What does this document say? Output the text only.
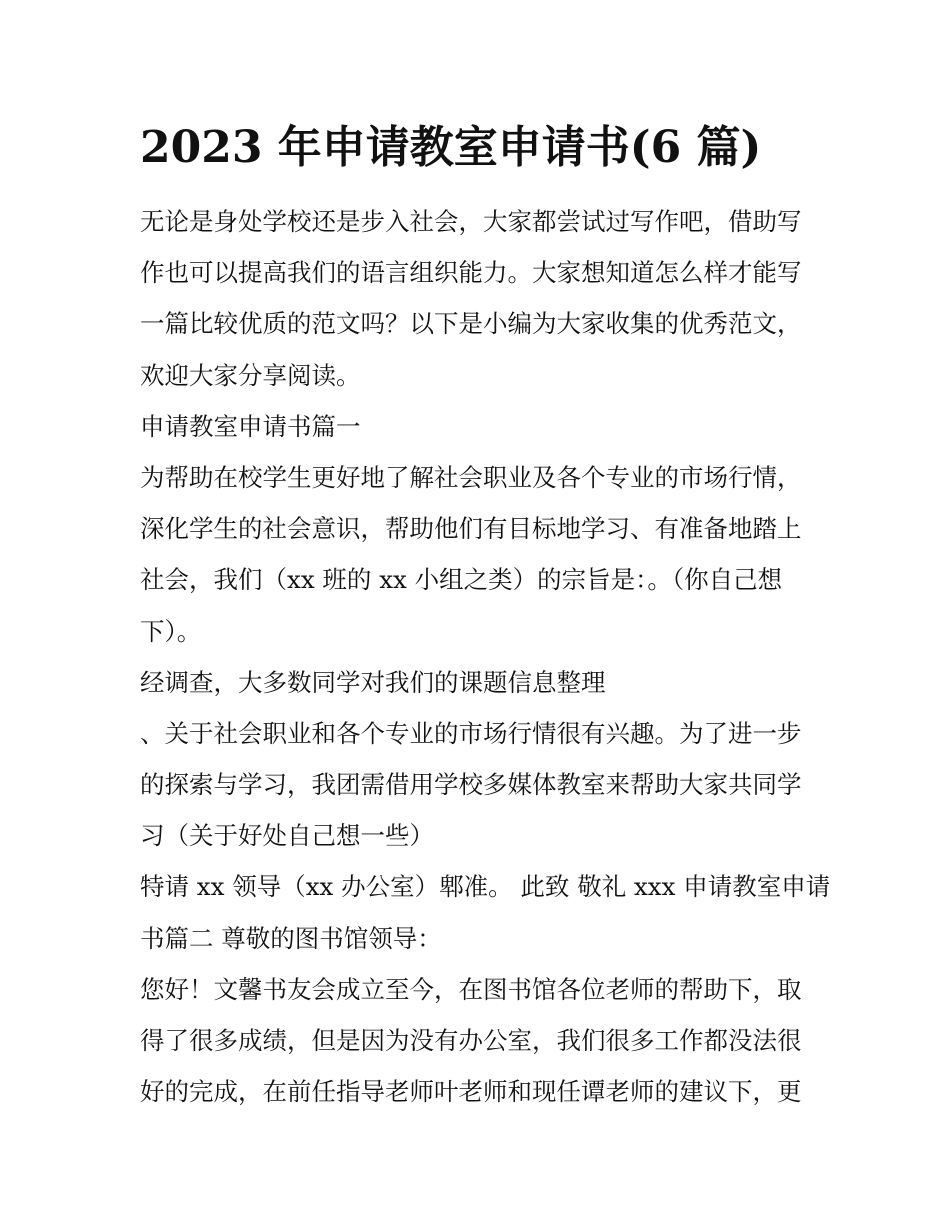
2023 年申请教室申请书(6 篇)
无论是身处学校还是步入社会，大家都尝试过写作吧，借助写
作也可以提高我们的语言组织能力。大家想知道怎么样才能写
一篇比较优质的范文吗？以下是小编为大家收集的优秀范文，
欢迎大家分享阅读。
申请教室申请书篇一
为帮助在校学生更好地了解社会职业及各个专业的市场行情，
深化学生的社会意识，帮助他们有目标地学习、有准备地踏上
社会，我们（xx 班的 xx 小组之类）的宗旨是：。（你自己想
下）。
经调查，大多数同学对我们的课题信息整理
、关于社会职业和各个专业的市场行情很有兴趣。为了进一步
的探索与学习，我团需借用学校多媒体教室来帮助大家共同学
习（关于好处自己想一些）
特请 xx 领导（xx 办公室）郫准。 此致 敬礼 xxx 申请教室申请
书篇二 尊敬的图书馆领导：
您好！文馨书友会成立至今，在图书馆各位老师的帮助下，取
得了很多成绩，但是因为没有办公室，我们很多工作都没法很
好的完成，在前任指导老师叶老师和现任谭老师的建议下，更
